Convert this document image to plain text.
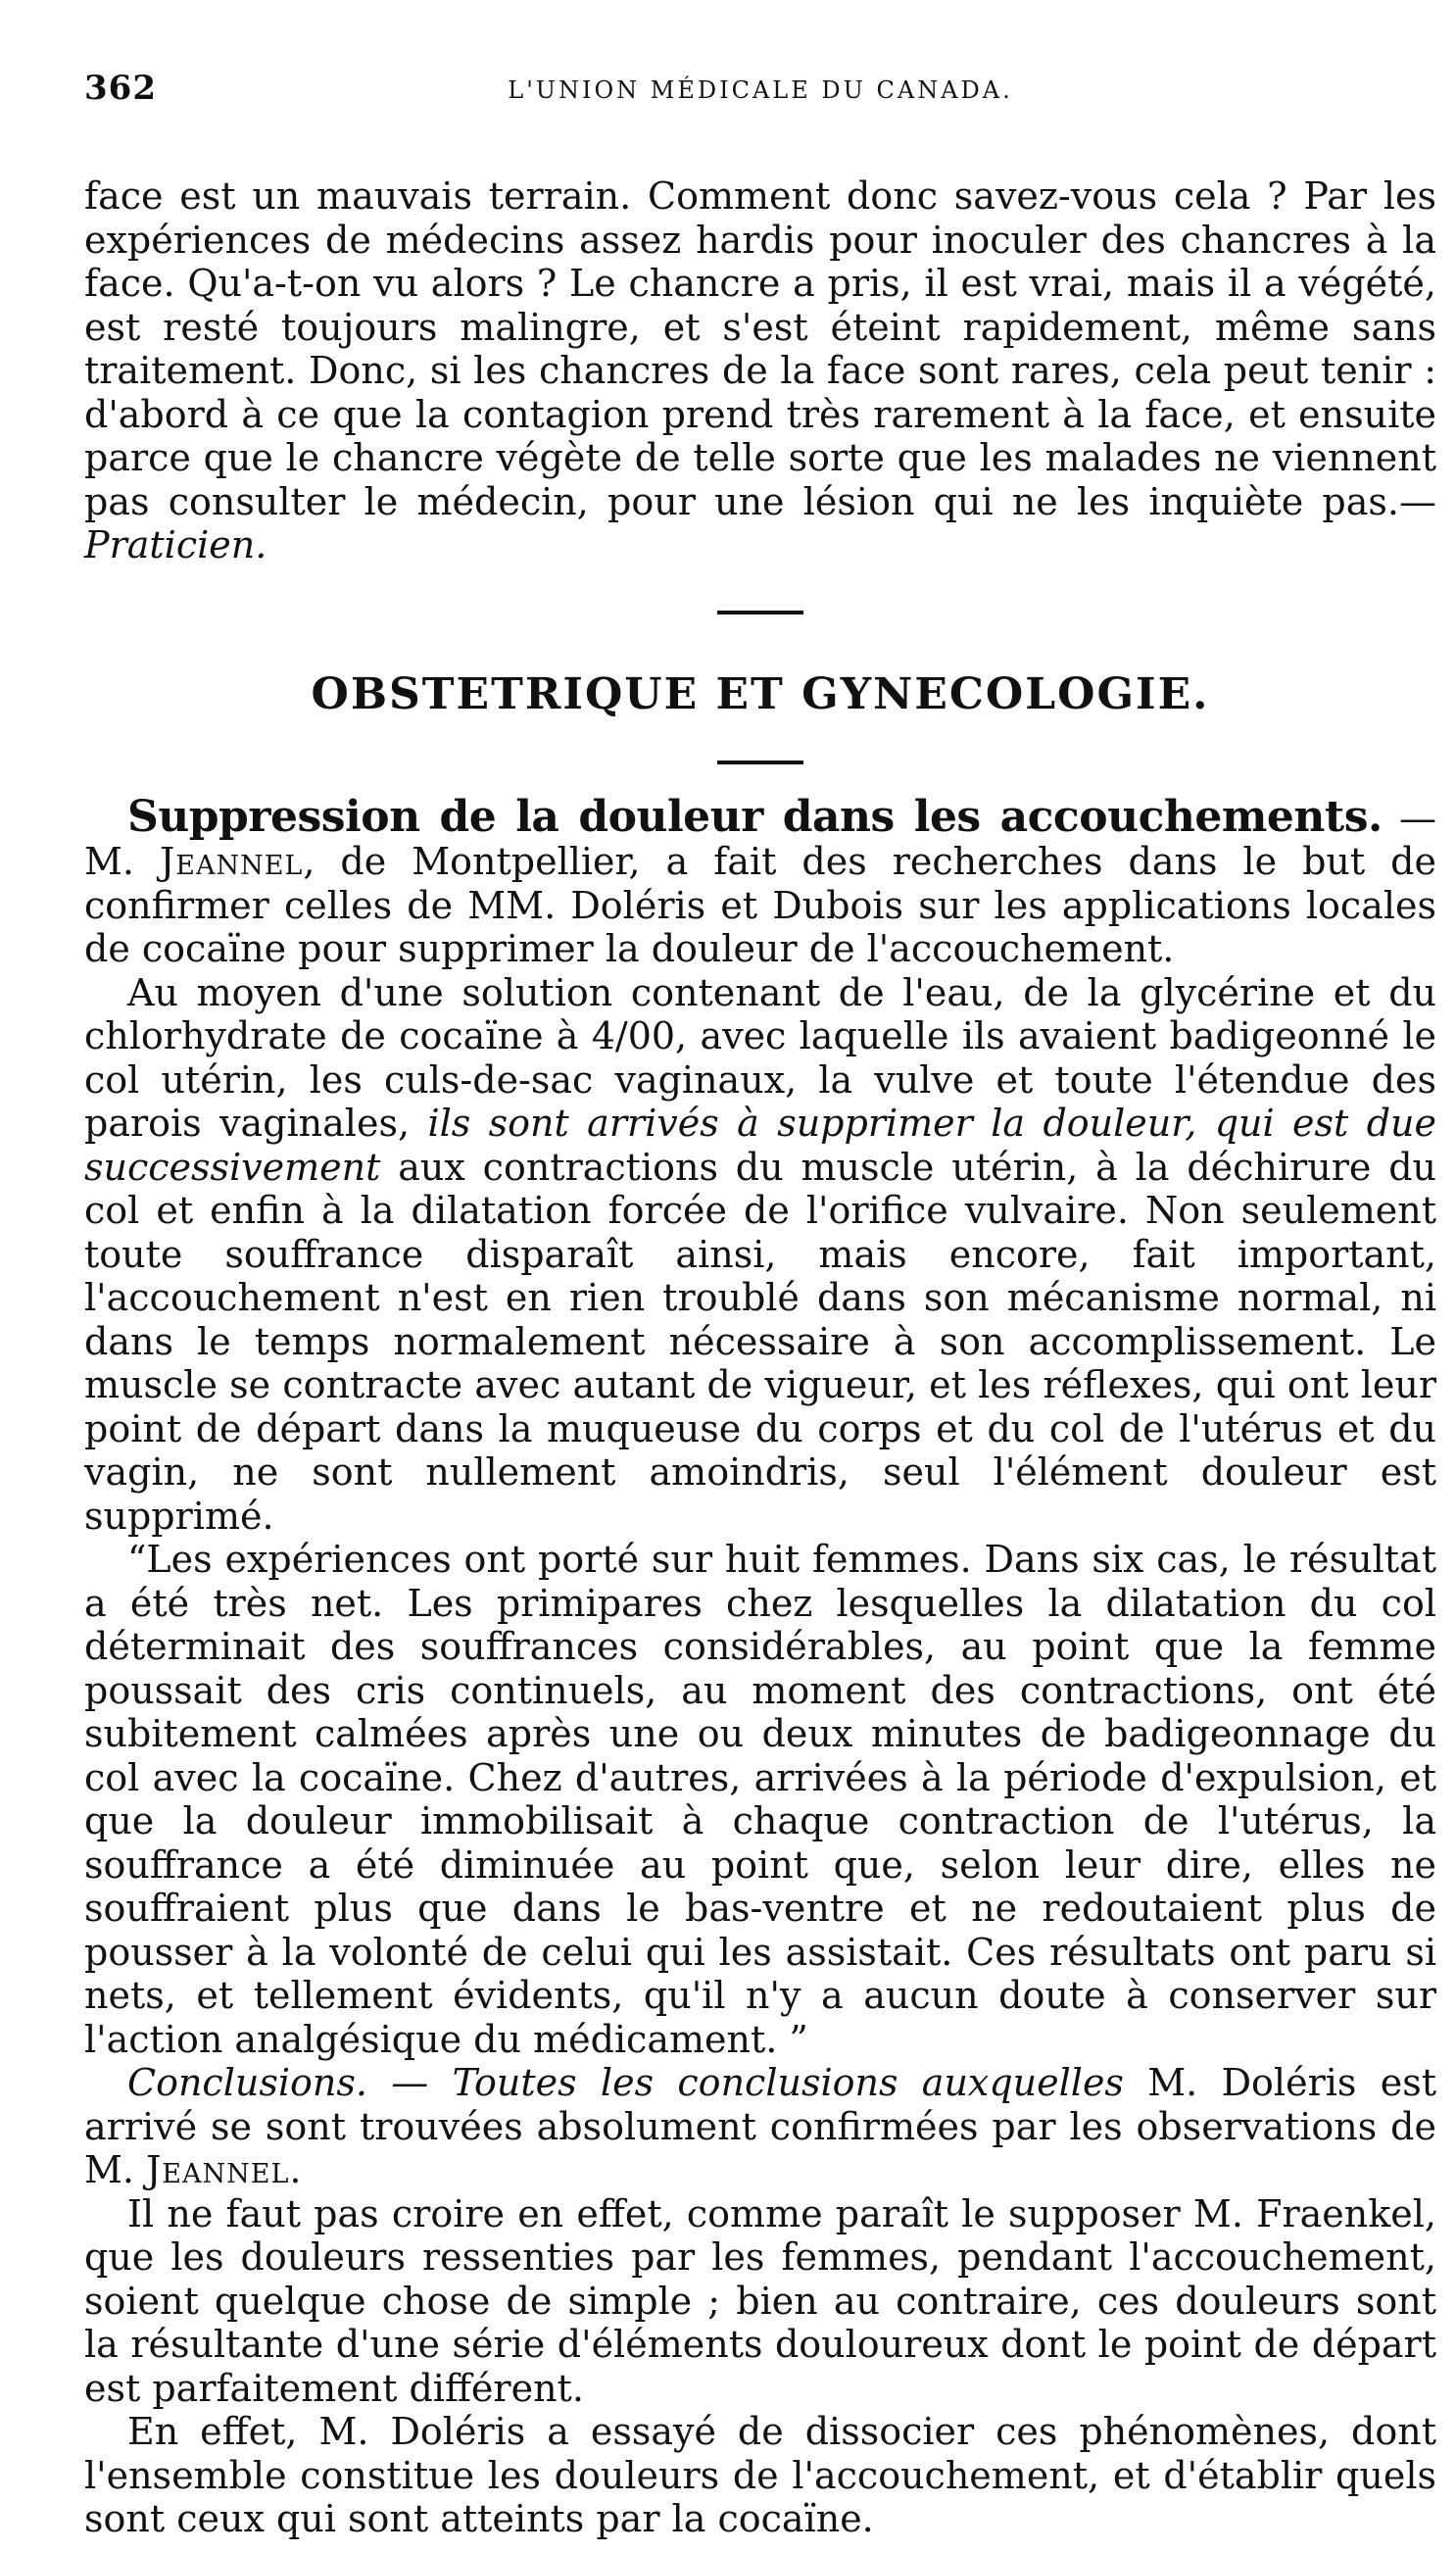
362	L'UNION MÉDICALE DU CANADA.

face est un mauvais terrain. Comment donc savez-vous cela ? Par les expériences de médecins assez hardis pour inoculer des chancres à la face. Qu'a-t-on vu alors ? Le chancre a pris, il est vrai, mais il a végété, est resté toujours malingre, et s'est éteint rapidement, même sans traitement. Donc, si les chancres de la face sont rares, cela peut tenir : d'abord à ce que la contagion prend très rarement à la face, et ensuite parce que le chancre végète de telle sorte que les malades ne viennent pas consulter le médecin, pour une lésion qui ne les inquiète pas.—Praticien.

OBSTETRIQUE ET GYNECOLOGIE.

Suppression de la douleur dans les accouchements. — M. Jeannel, de Montpellier, a fait des recherches dans le but de confirmer celles de MM. Doléris et Dubois sur les applications locales de cocaïne pour supprimer la douleur de l'accouchement.

Au moyen d'une solution contenant de l'eau, de la glycérine et du chlorhydrate de cocaïne à 4/00, avec laquelle ils avaient badigeonné le col utérin, les culs-de-sac vaginaux, la vulve et toute l'étendue des parois vaginales, ils sont arrivés à supprimer la douleur, qui est due successivement aux contractions du muscle utérin, à la déchirure du col et enfin à la dilatation forcée de l'orifice vulvaire. Non seulement toute souffrance disparaît ainsi, mais encore, fait important, l'accouchement n'est en rien troublé dans son mécanisme normal, ni dans le temps normalement nécessaire à son accomplissement. Le muscle se contracte avec autant de vigueur, et les réflexes, qui ont leur point de départ dans la muqueuse du corps et du col de l'utérus et du vagin, ne sont nullement amoindris, seul l'élément douleur est supprimé.

“Les expériences ont porté sur huit femmes. Dans six cas, le résultat a été très net. Les primipares chez lesquelles la dilatation du col déterminait des souffrances considérables, au point que la femme poussait des cris continuels, au moment des contractions, ont été subitement calmées après une ou deux minutes de badigeonnage du col avec la cocaïne. Chez d'autres, arrivées à la période d'expulsion, et que la douleur immobilisait à chaque contraction de l'utérus, la souffrance a été diminuée au point que, selon leur dire, elles ne souffraient plus que dans le bas-ventre et ne redoutaient plus de pousser à la volonté de celui qui les assistait. Ces résultats ont paru si nets, et tellement évidents, qu'il n'y a aucun doute à conserver sur l'action analgésique du médicament. ”

Conclusions. — Toutes les conclusions auxquelles M. Doléris est arrivé se sont trouvées absolument confirmées par les observations de M. Jeannel.

Il ne faut pas croire en effet, comme paraît le supposer M. Fraenkel, que les douleurs ressenties par les femmes, pendant l'accouchement, soient quelque chose de simple ; bien au contraire, ces douleurs sont la résultante d'une série d'éléments douloureux dont le point de départ est parfaitement différent.

En effet, M. Doléris a essayé de dissocier ces phénomènes, dont l'ensemble constitue les douleurs de l'accouchement, et d'établir quels sont ceux qui sont atteints par la cocaïne.
